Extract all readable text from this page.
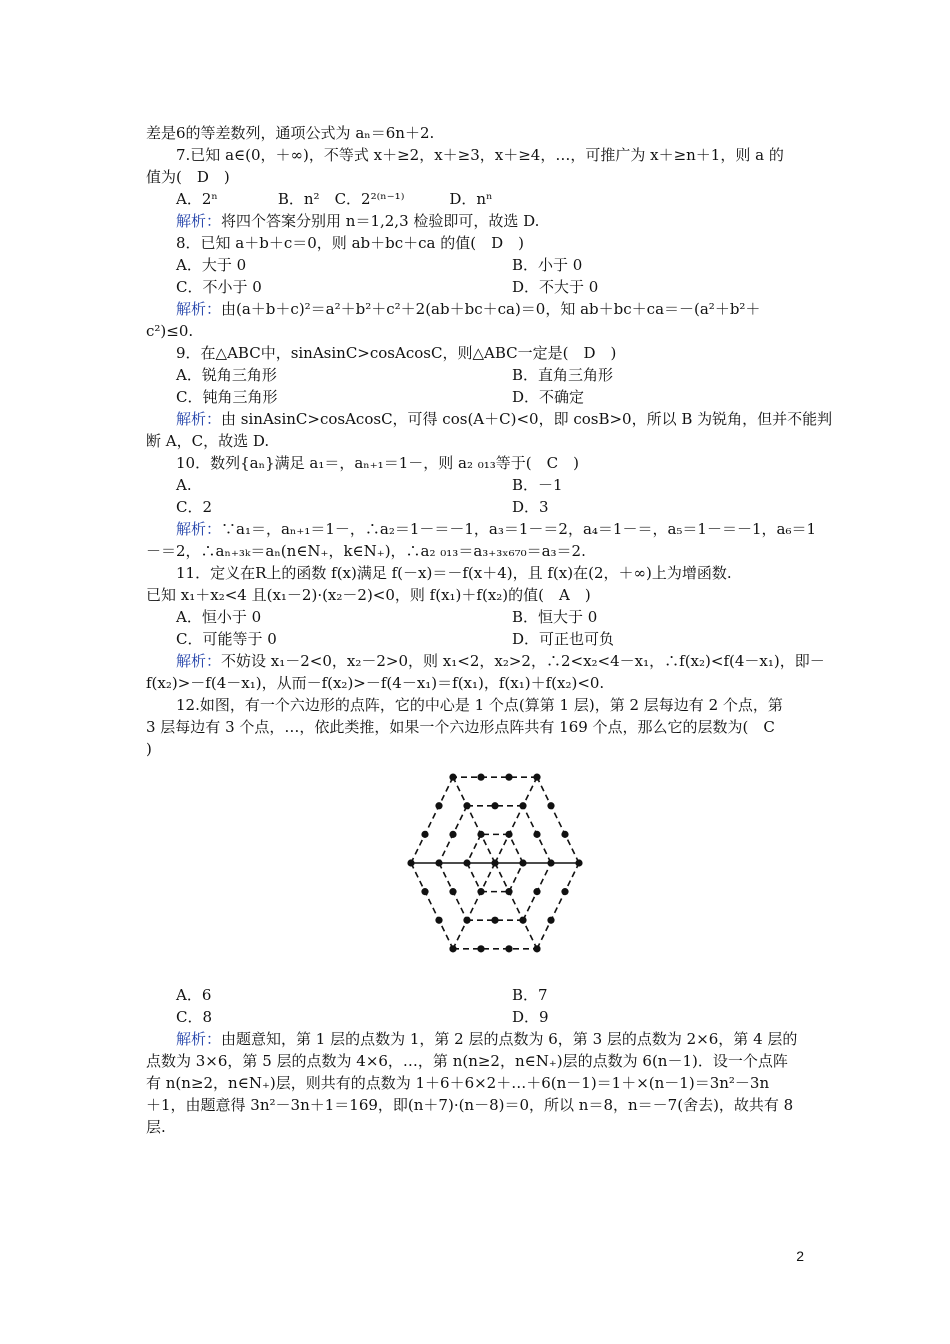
差是6的等差数列，通项公式为 aₙ＝6n＋2.
7.已知 a∈(0，＋∞)，不等式 x＋≥2，x＋≥3，x＋≥4，…，可推广为 x＋≥n＋1，则 a 的
值为(　D　)
A．2ⁿ　　　　B．n²　C．2²⁽ⁿ⁻¹⁾　　　D．nⁿ
解析：将四个答案分别用 n＝1,2,3 检验即可，故选 D.
8．已知 a＋b＋c＝0，则 ab＋bc＋ca 的值(　D　)
A．大于 0	B．小于 0
C．不小于 0	D．不大于 0
解析：由(a＋b＋c)²＝a²＋b²＋c²＋2(ab＋bc＋ca)＝0，知 ab＋bc＋ca＝－(a²＋b²＋
c²)≤0.
9．在△ABC中，sinAsinC>cosAcosC，则△ABC一定是(　D　)
A．锐角三角形	B．直角三角形
C．钝角三角形	D．不确定
解析：由 sinAsinC>cosAcosC，可得 cos(A＋C)<0，即 cosB>0，所以 B 为锐角，但并不能判
断 A，C，故选 D.
10．数列{aₙ}满足 a₁＝，aₙ₊₁＝1－，则 a₂ ₀₁₃等于(　C　)
A.	B．－1
C．2	D．3
解析：∵a₁＝，aₙ₊₁＝1－，∴a₂＝1－＝－1，a₃＝1－＝2，a₄＝1－＝，a₅＝1－＝－1，a₆＝1
－＝2，∴aₙ₊₃ₖ＝aₙ(n∈N₊，k∈N₊)，∴a₂ ₀₁₃＝a₃₊₃ₓ₆₇₀＝a₃＝2.
11．定义在R上的函数 f(x)满足 f(－x)＝－f(x＋4)，且 f(x)在(2，＋∞)上为增函数.
已知 x₁＋x₂<4 且(x₁－2)·(x₂－2)<0，则 f(x₁)＋f(x₂)的值(　A　)
A．恒小于 0	B．恒大于 0
C．可能等于 0	D．可正也可负
解析：不妨设 x₁－2<0，x₂－2>0，则 x₁<2，x₂>2，∴2<x₂<4－x₁，∴f(x₂)<f(4－x₁)，即－
f(x₂)>－f(4－x₁)，从而－f(x₂)>－f(4－x₁)＝f(x₁)，f(x₁)＋f(x₂)<0.
12.如图，有一个六边形的点阵，它的中心是 1 个点(算第 1 层)，第 2 层每边有 2 个点，第
3 层每边有 3 个点，…，依此类推，如果一个六边形点阵共有 169 个点，那么它的层数为(　C
)
A．6	B．7
C．8	D．9
解析：由题意知，第 1 层的点数为 1，第 2 层的点数为 6，第 3 层的点数为 2×6，第 4 层的
点数为 3×6，第 5 层的点数为 4×6，…，第 n(n≥2，n∈N₊)层的点数为 6(n－1)．设一个点阵
有 n(n≥2，n∈N₊)层，则共有的点数为 1＋6＋6×2＋…＋6(n－1)＝1＋×(n－1)＝3n²－3n
＋1，由题意得 3n²－3n＋1＝169，即(n＋7)·(n－8)＝0，所以 n＝8，n＝－7(舍去)，故共有 8
层.
2
